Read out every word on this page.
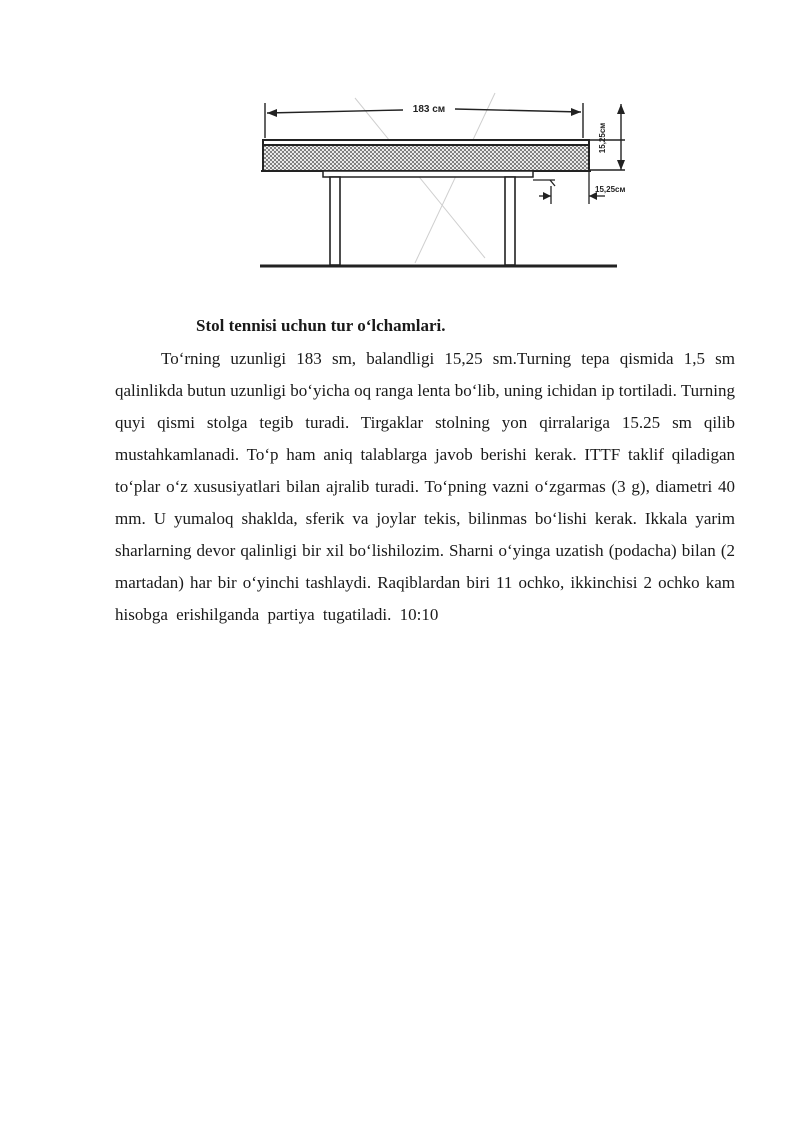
183 см
15,25см
15,25см
Stol tennisi uchun tur o‘lchamlari.

To‘rning uzunligi 183 sm, balandligi 15,25 sm.Turning tepa qismida 1,5 sm qalinlikda butun uzunligi bo‘yicha oq ranga lenta bo‘lib, uning ichidan ip tortiladi. Turning quyi qismi stolga tegib turadi. Tirgaklar stolning yon qirralariga 15.25 sm qilib mustahkamlanadi. To‘p ham aniq talablarga javob berishi kerak. ITTF taklif qiladigan to‘plar o‘z xususiyatlari bilan ajralib turadi. To‘pning vazni o‘zgarmas (3 g), diametri 40 mm. U yumaloq shaklda, sferik va joylar tekis, bilinmas bo‘lishi kerak. Ikkala yarim sharlarning devor qalinligi bir xil bo‘lishilozim. Sharni o‘yinga uzatish (podacha) bilan (2 martadan) har bir o‘yinchi tashlaydi. Raqiblardan biri 11 ochko, ikkinchisi 2 ochko kam hisobga erishilganda partiya tugatiladi. 10:10
